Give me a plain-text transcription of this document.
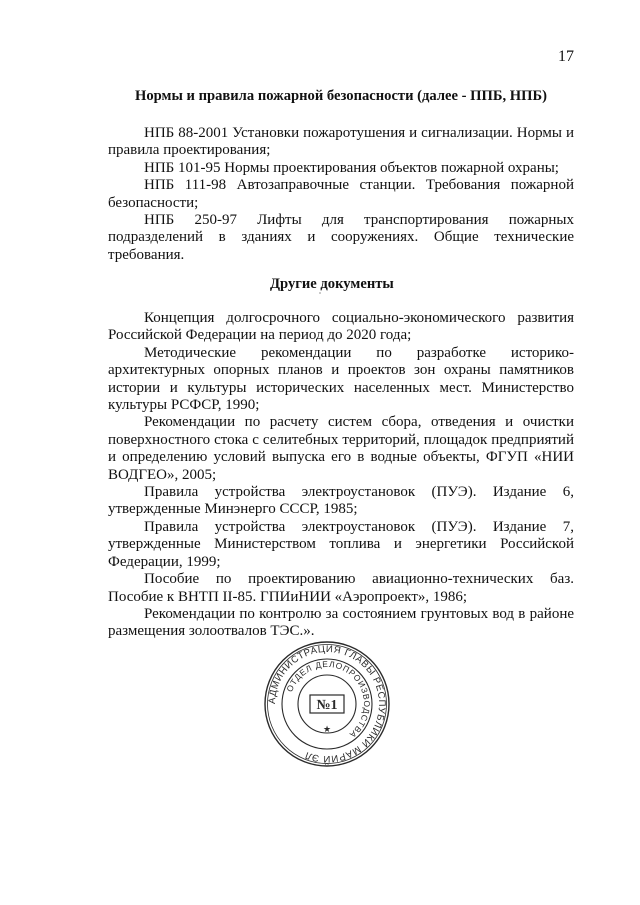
17
Нормы и правила пожарной безопасности (далее - ППБ, НПБ)

НПБ 88-2001 Установки пожаротушения и сигнализации. Нормы и правила проектирования;

НПБ 101-95 Нормы проектирования объектов пожарной охраны;

НПБ 111-98 Автозаправочные станции. Требования пожарной безопасности;

НПБ 250-97 Лифты для транспортирования пожарных подразделений в зданиях и сооружениях. Общие технические требования.

Другие документы

Концепция долгосрочного социально-экономического развития Российской Федерации на период до 2020 года;

Методические рекомендации по разработке историко-архитектурных опорных планов и проектов зон охраны памятников истории и культуры исторических населенных мест. Министерство культуры РСФСР, 1990;

Рекомендации по расчету систем сбора, отведения и очистки поверхностного стока с селитебных территорий, площадок предприятий и определению условий выпуска его в водные объекты, ФГУП «НИИ ВОДГЕО», 2005;

Правила устройства электроустановок (ПУЭ). Издание 6, утвержденные Минэнерго СССР, 1985;

Правила устройства электроустановок (ПУЭ). Издание 7, утвержденные Министерством топлива и энергетики Российской Федерации, 1999;

Пособие по проектированию авиационно-технических баз. Пособие к ВНТП II-85. ГПИиНИИ «Аэропроект», 1986;

Рекомендации по контролю за состоянием грунтовых вод в районе размещения золоотвалов ТЭС.».

АДМИНИСТРАЦИЯ ГЛАВЫ РЕСПУБЛИКИ МАРИЙ ЭЛ
ОТДЕЛ ДЕЛОПРОИЗВОДСТВА
№1
★
